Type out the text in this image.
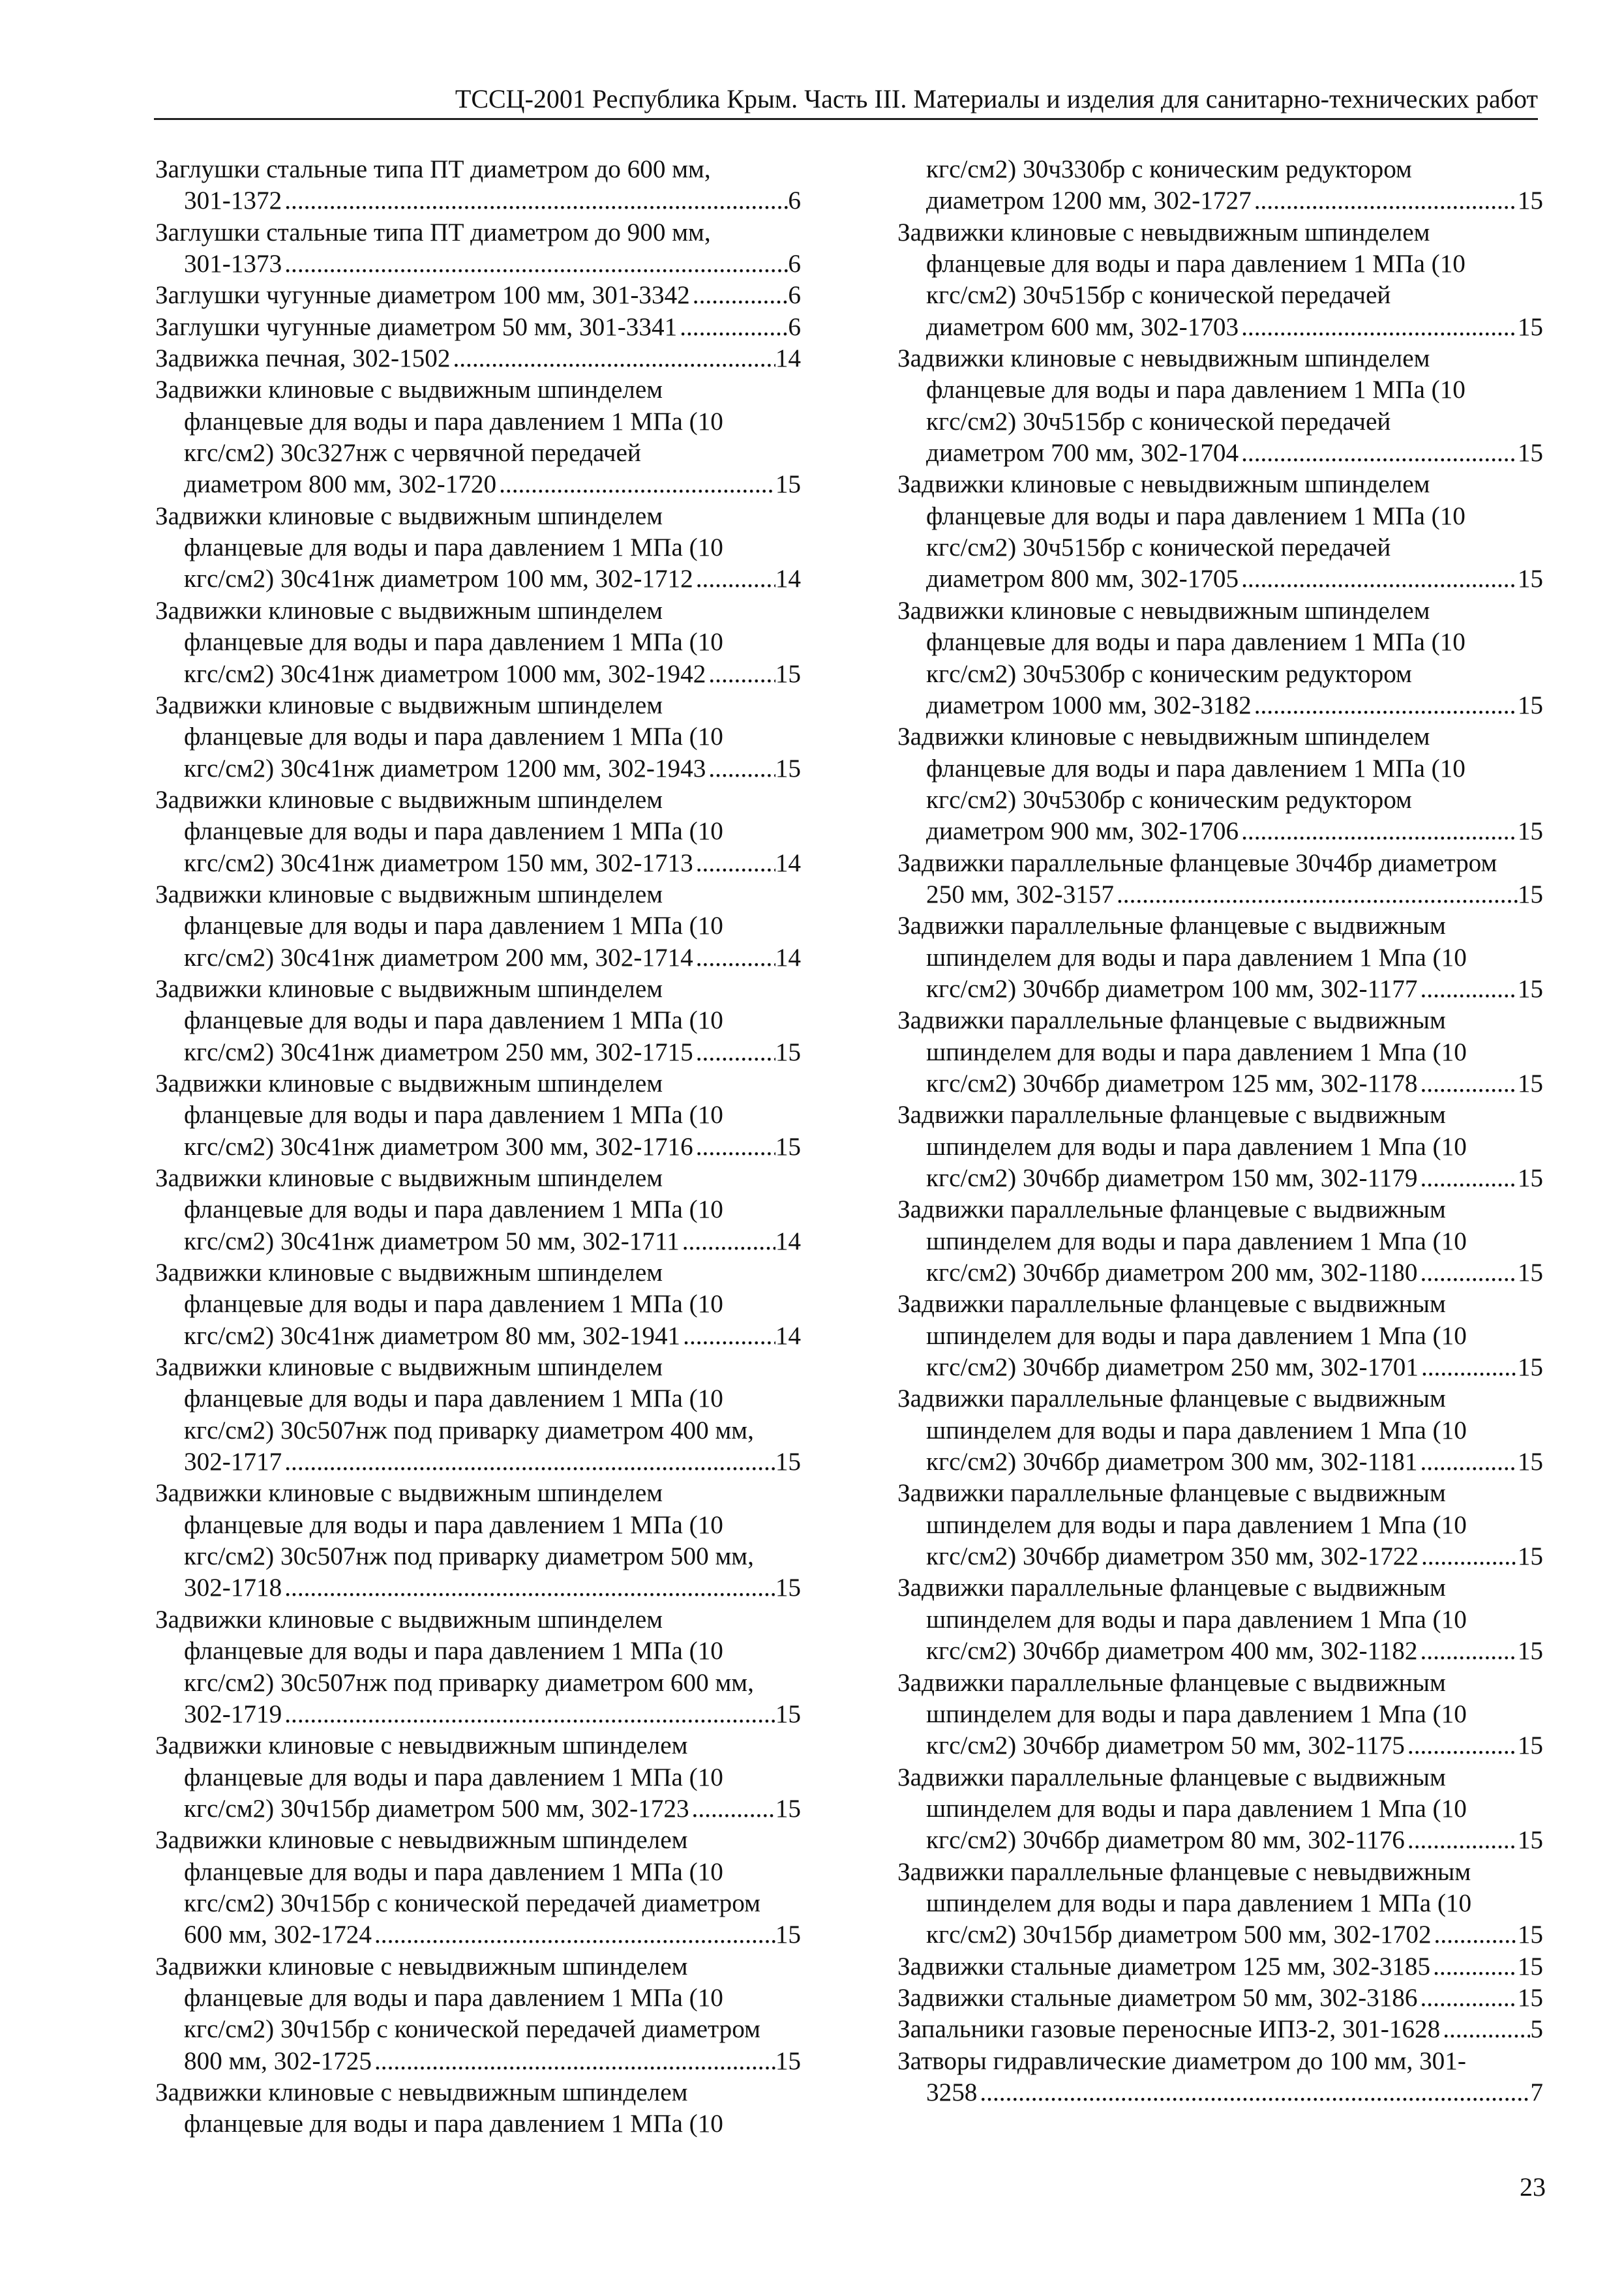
ТССЦ-2001 Республика Крым. Часть III. Материалы и изделия для санитарно-технических работ
Заглушки стальные типа ПТ диаметром до 600 мм,
301-1372 .....	6
Заглушки стальные типа ПТ диаметром до 900 мм,
301-1373 .....	6
Заглушки чугунные диаметром 100 мм, 301-3342 .....	6
Заглушки чугунные диаметром 50 мм, 301-3341 .....	6
Задвижка печная, 302-1502 .....	14
Задвижки клиновые с выдвижным шпинделем
фланцевые для воды и пара давлением 1 МПа (10
кгс/см2) 30с327нж с червячной передачей
диаметром 800 мм, 302-1720 .....	15
Задвижки клиновые с выдвижным шпинделем
фланцевые для воды и пара давлением 1 МПа (10
кгс/см2) 30с41нж диаметром 100 мм, 302-1712 .....	14
Задвижки клиновые с выдвижным шпинделем
фланцевые для воды и пара давлением 1 МПа (10
кгс/см2) 30с41нж диаметром 1000 мм, 302-1942 .....	15
Задвижки клиновые с выдвижным шпинделем
фланцевые для воды и пара давлением 1 МПа (10
кгс/см2) 30с41нж диаметром 1200 мм, 302-1943 .....	15
Задвижки клиновые с выдвижным шпинделем
фланцевые для воды и пара давлением 1 МПа (10
кгс/см2) 30с41нж диаметром 150 мм, 302-1713 .....	14
Задвижки клиновые с выдвижным шпинделем
фланцевые для воды и пара давлением 1 МПа (10
кгс/см2) 30с41нж диаметром 200 мм, 302-1714 .....	14
Задвижки клиновые с выдвижным шпинделем
фланцевые для воды и пара давлением 1 МПа (10
кгс/см2) 30с41нж диаметром 250 мм, 302-1715 .....	15
Задвижки клиновые с выдвижным шпинделем
фланцевые для воды и пара давлением 1 МПа (10
кгс/см2) 30с41нж диаметром 300 мм, 302-1716 .....	15
Задвижки клиновые с выдвижным шпинделем
фланцевые для воды и пара давлением 1 МПа (10
кгс/см2) 30с41нж диаметром 50 мм, 302-1711 .....	14
Задвижки клиновые с выдвижным шпинделем
фланцевые для воды и пара давлением 1 МПа (10
кгс/см2) 30с41нж диаметром 80 мм, 302-1941 .....	14
Задвижки клиновые с выдвижным шпинделем
фланцевые для воды и пара давлением 1 МПа (10
кгс/см2) 30с507нж под приварку диаметром 400 мм,
302-1717 .....	15
Задвижки клиновые с выдвижным шпинделем
фланцевые для воды и пара давлением 1 МПа (10
кгс/см2) 30с507нж под приварку диаметром 500 мм,
302-1718 .....	15
Задвижки клиновые с выдвижным шпинделем
фланцевые для воды и пара давлением 1 МПа (10
кгс/см2) 30с507нж под приварку диаметром 600 мм,
302-1719 .....	15
Задвижки клиновые с невыдвижным шпинделем
фланцевые для воды и пара давлением 1 МПа (10
кгс/см2) 30ч15бр диаметром 500 мм, 302-1723 .....	15
Задвижки клиновые с невыдвижным шпинделем
фланцевые для воды и пара давлением 1 МПа (10
кгс/см2) 30ч15бр с конической передачей диаметром
600 мм, 302-1724 .....	15
Задвижки клиновые с невыдвижным шпинделем
фланцевые для воды и пара давлением 1 МПа (10
кгс/см2) 30ч15бр с конической передачей диаметром
800 мм, 302-1725 .....	15
Задвижки клиновые с невыдвижным шпинделем
фланцевые для воды и пара давлением 1 МПа (10
кгс/см2) 30ч330бр с коническим редуктором
диаметром 1200 мм, 302-1727 .....	15
Задвижки клиновые с невыдвижным шпинделем
фланцевые для воды и пара давлением 1 МПа (10
кгс/см2) 30ч515бр с конической передачей
диаметром 600 мм, 302-1703 .....	15
Задвижки клиновые с невыдвижным шпинделем
фланцевые для воды и пара давлением 1 МПа (10
кгс/см2) 30ч515бр с конической передачей
диаметром 700 мм, 302-1704 .....	15
Задвижки клиновые с невыдвижным шпинделем
фланцевые для воды и пара давлением 1 МПа (10
кгс/см2) 30ч515бр с конической передачей
диаметром 800 мм, 302-1705 .....	15
Задвижки клиновые с невыдвижным шпинделем
фланцевые для воды и пара давлением 1 МПа (10
кгс/см2) 30ч530бр с коническим редуктором
диаметром 1000 мм, 302-3182 .....	15
Задвижки клиновые с невыдвижным шпинделем
фланцевые для воды и пара давлением 1 МПа (10
кгс/см2) 30ч530бр с коническим редуктором
диаметром 900 мм, 302-1706 .....	15
Задвижки параллельные фланцевые 30ч4бр диаметром
250 мм, 302-3157 .....	15
Задвижки параллельные фланцевые с выдвижным
шпинделем для воды и пара давлением 1 Мпа (10
кгс/см2) 30ч6бр диаметром 100 мм, 302-1177 .....	15
Задвижки параллельные фланцевые с выдвижным
шпинделем для воды и пара давлением 1 Мпа (10
кгс/см2) 30ч6бр диаметром 125 мм, 302-1178 .....	15
Задвижки параллельные фланцевые с выдвижным
шпинделем для воды и пара давлением 1 Мпа (10
кгс/см2) 30ч6бр диаметром 150 мм, 302-1179 .....	15
Задвижки параллельные фланцевые с выдвижным
шпинделем для воды и пара давлением 1 Мпа (10
кгс/см2) 30ч6бр диаметром 200 мм, 302-1180 .....	15
Задвижки параллельные фланцевые с выдвижным
шпинделем для воды и пара давлением 1 Мпа (10
кгс/см2) 30ч6бр диаметром 250 мм, 302-1701 .....	15
Задвижки параллельные фланцевые с выдвижным
шпинделем для воды и пара давлением 1 Мпа (10
кгс/см2) 30ч6бр диаметром 300 мм, 302-1181 .....	15
Задвижки параллельные фланцевые с выдвижным
шпинделем для воды и пара давлением 1 Мпа (10
кгс/см2) 30ч6бр диаметром 350 мм, 302-1722 .....	15
Задвижки параллельные фланцевые с выдвижным
шпинделем для воды и пара давлением 1 Мпа (10
кгс/см2) 30ч6бр диаметром 400 мм, 302-1182 .....	15
Задвижки параллельные фланцевые с выдвижным
шпинделем для воды и пара давлением 1 Мпа (10
кгс/см2) 30ч6бр диаметром 50 мм, 302-1175 .....	15
Задвижки параллельные фланцевые с выдвижным
шпинделем для воды и пара давлением 1 Мпа (10
кгс/см2) 30ч6бр диаметром 80 мм, 302-1176 .....	15
Задвижки параллельные фланцевые с невыдвижным
шпинделем для воды и пара давлением 1 МПа (10
кгс/см2) 30ч15бр диаметром 500 мм, 302-1702 .....	15
Задвижки стальные диаметром 125 мм, 302-3185 .....	15
Задвижки стальные диаметром 50 мм, 302-3186 .....	15
Запальники газовые переносные ИПЗ-2, 301-1628 .....	5
Затворы гидравлические диаметром до 100 мм, 301-
3258 .....	7
23
